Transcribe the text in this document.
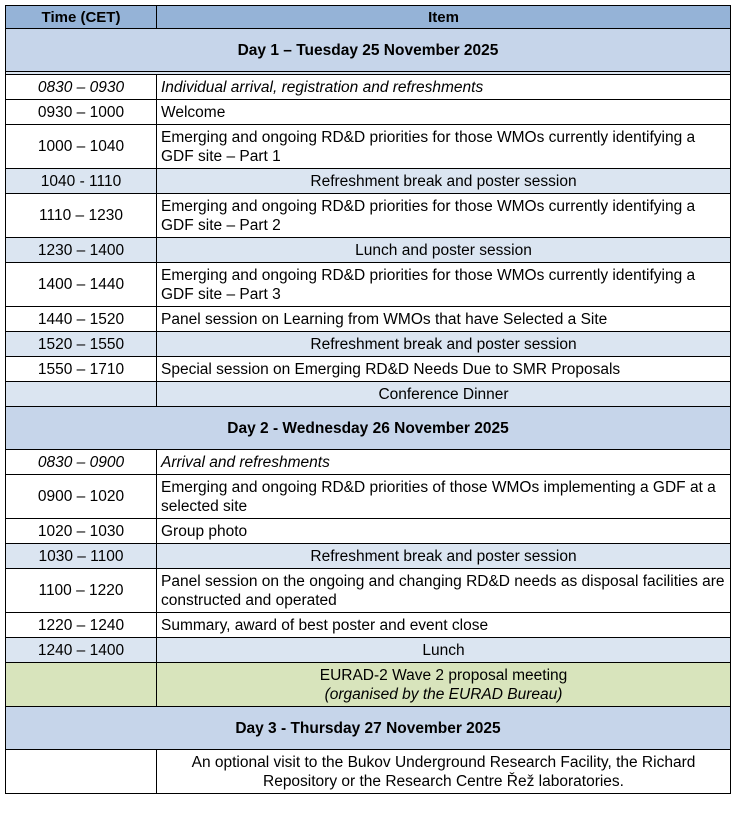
Time (CET)	Item
Day 1 – Tuesday 25 November 2025	

0830 – 0930	Individual arrival, registration and refreshments
0930 – 1000	Welcome
1000 – 1040	Emerging and ongoing RD&D priorities for those WMOs currently identifying a GDF site – Part 1
1040 - 1110	Refreshment break and poster session
1110 – 1230	Emerging and ongoing RD&D priorities for those WMOs currently identifying a GDF site – Part 2
1230 – 1400	Lunch and poster session
1400 – 1440	Emerging and ongoing RD&D priorities for those WMOs currently identifying a GDF site – Part 3
1440 – 1520	Panel session on Learning from WMOs that have Selected a Site
1520 – 1550	Refreshment break and poster session
1550 – 1710	Special session on Emerging RD&D Needs Due to SMR Proposals
	Conference Dinner
Day 2 - Wednesday 26 November 2025	
0830 – 0900	Arrival and refreshments
0900 – 1020	Emerging and ongoing RD&D priorities of those WMOs implementing a GDF at a selected site
1020 – 1030	Group photo
1030 – 1100	Refreshment break and poster session
1100 – 1220	Panel session on the ongoing and changing RD&D needs as disposal facilities are constructed and operated
1220 – 1240	Summary, award of best poster and event close
1240 – 1400	Lunch

	EURAD-2 Wave 2 proposal meeting
(organised by the EURAD Bureau)

Day 3 - Thursday 27 November 2025	
	An optional visit to the Bukov Underground Research Facility, the Richard Repository or the Research Centre Řež laboratories.
